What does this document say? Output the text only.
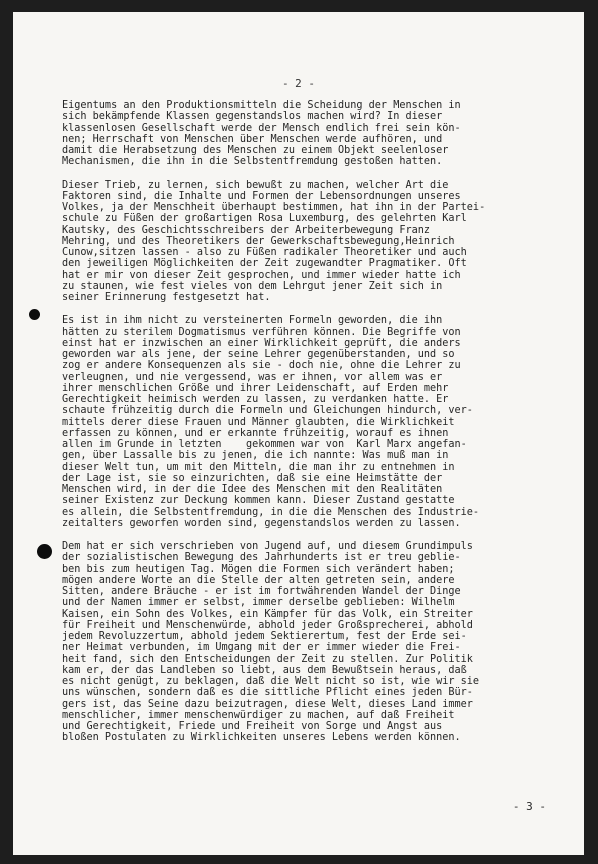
- 2 -
Eigentums an den Produktionsmitteln die Scheidung der Menschen in
sich bekämpfende Klassen gegenstandslos machen wird? In dieser
klassenlosen Gesellschaft werde der Mensch endlich frei sein kön-
nen; Herrschaft von Menschen über Menschen werde aufhören, und
damit die Herabsetzung des Menschen zu einem Objekt seelenloser
Mechanismen, die ihn in die Selbstentfremdung gestoßen hatten.
Dieser Trieb, zu lernen, sich bewußt zu machen, welcher Art die
Faktoren sind, die Inhalte und Formen der Lebensordnungen unseres
Volkes, ja der Menschheit überhaupt bestimmen, hat ihn in der Partei-
schule zu Füßen der großartigen Rosa Luxemburg, des gelehrten Karl
Kautsky, des Geschichtsschreibers der Arbeiterbewegung Franz
Mehring, und des Theoretikers der Gewerkschaftsbewegung,Heinrich
Cunow,sitzen lassen - also zu Füßen radikaler Theoretiker und auch
den jeweiligen Möglichkeiten der Zeit zugewandter Pragmatiker. Oft
hat er mir von dieser Zeit gesprochen, und immer wieder hatte ich
zu staunen, wie fest vieles von dem Lehrgut jener Zeit sich in
seiner Erinnerung festgesetzt hat.
Es ist in ihm nicht zu versteinerten Formeln geworden, die ihn
hätten zu sterilem Dogmatismus verführen können. Die Begriffe von
einst hat er inzwischen an einer Wirklichkeit geprüft, die anders
geworden war als jene, der seine Lehrer gegenüberstanden, und so
zog er andere Konsequenzen als sie - doch nie, ohne die Lehrer zu
verleugnen, und nie vergessend, was er ihnen, vor allem was er
ihrer menschlichen Größe und ihrer Leidenschaft, auf Erden mehr
Gerechtigkeit heimisch werden zu lassen, zu verdanken hatte. Er
schaute frühzeitig durch die Formeln und Gleichungen hindurch, ver-
mittels derer diese Frauen und Männer glaubten, die Wirklichkeit
erfassen zu können, und er erkannte frühzeitig, worauf es ihnen
allen im Grunde in letzten    gekommen war von  Karl Marx angefan-
gen, über Lassalle bis zu jenen, die ich nannte: Was muß man in
dieser Welt tun, um mit den Mitteln, die man ihr zu entnehmen in
der Lage ist, sie so einzurichten, daß sie eine Heimstätte der
Menschen wird, in der die Idee des Menschen mit den Realitäten
seiner Existenz zur Deckung kommen kann. Dieser Zustand gestatte
es allein, die Selbstentfremdung, in die die Menschen des Industrie-
zeitalters geworfen worden sind, gegenstandslos werden zu lassen.
Dem hat er sich verschrieben von Jugend auf, und diesem Grundimpuls
der sozialistischen Bewegung des Jahrhunderts ist er treu geblie-
ben bis zum heutigen Tag. Mögen die Formen sich verändert haben;
mögen andere Worte an die Stelle der alten getreten sein, andere
Sitten, andere Bräuche - er ist im fortwährenden Wandel der Dinge
und der Namen immer er selbst, immer derselbe geblieben: Wilhelm
Kaisen, ein Sohn des Volkes, ein Kämpfer für das Volk, ein Streiter
für Freiheit und Menschenwürde, abhold jeder Großsprecherei, abhold
jedem Revoluzzertum, abhold jedem Sektierertum, fest der Erde sei-
ner Heimat verbunden, im Umgang mit der er immer wieder die Frei-
heit fand, sich den Entscheidungen der Zeit zu stellen. Zur Politik
kam er, der das Landleben so liebt, aus dem Bewußtsein heraus, daß
es nicht genügt, zu beklagen, daß die Welt nicht so ist, wie wir sie
uns wünschen, sondern daß es die sittliche Pflicht eines jeden Bür-
gers ist, das Seine dazu beizutragen, diese Welt, dieses Land immer
menschlicher, immer menschenwürdiger zu machen, auf daß Freiheit
und Gerechtigkeit, Friede und Freiheit von Sorge und Angst aus
bloßen Postulaten zu Wirklichkeiten unseres Lebens werden können.
- 3 -
